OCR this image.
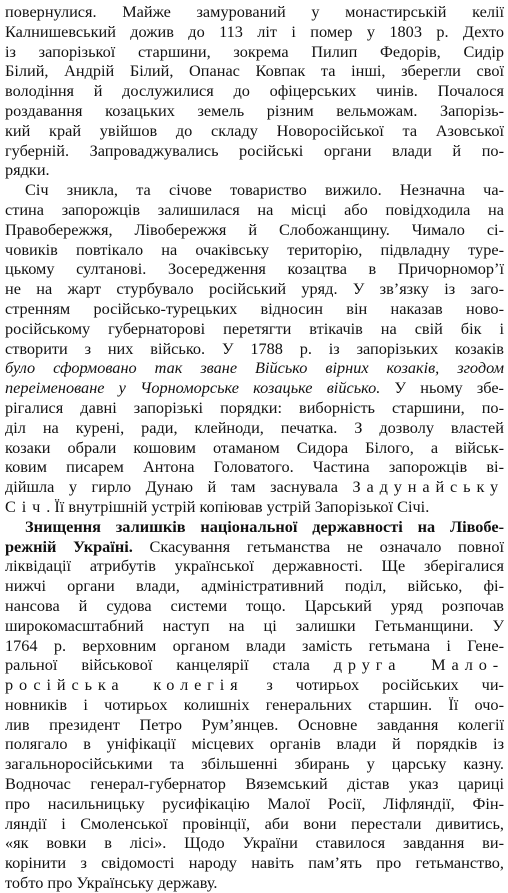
повернулися. Майже замурований у монастирській келії
Калнишевський дожив до 113 літ і помер у 1803 р. Дехто
із запорізької старшини, зокрема Пилип Федорів, Сидір
Білий, Андрій Білий, Опанас Ковпак та інші, зберегли свої
володіння й дослужилися до офіцерських чинів. Почалося
роздавання козацьких земель різним вельможам. Запорізь-
кий край увійшов до складу Новоросійської та Азовської
губерній. Запроваджувались російські органи влади й по-
рядки.
Січ зникла, та січове товариство вижило. Незначна ча-
стина запорожців залишилася на місці або повідходила на
Правобережжя, Лівобережжя й Слобожанщину. Чимало сі-
човиків повтікало на очаківську територію, підвладну туре-
цькому султанові. Зосередження козацтва в Причорномор’ї
не на жарт стурбувало російський уряд. У зв’язку із заго-
стренням російсько-турецьких відносин він наказав ново-
російському губернаторові перетягти втікачів на свій бік і
створити з них військо. У 1788 р. із запорізьких козаків
було сформовано так зване Військо вірних козаків, згодом
переіменоване у Чорноморське козацьке військо. У ньому збе-
рігалися давні запорізькі порядки: виборність старшини, по-
діл на курені, ради, клейноди, печатка. З дозволу властей
козаки обрали кошовим отаманом Сидора Білого, а військ-
ковим писарем Антона Головатого. Частина запорожців ві-
дійшла у гирло Дунаю й там заснувала Задунайську
Січ. Її внутрішній устрій копіював устрій Запорізької Січі.
Знищення залишків національної державності на Лівобе-
режній Україні. Скасування гетьманства не означало повної
ліквідації атрибутів української державності. Ще зберігалися
нижчі органи влади, адміністративний поділ, військо, фі-
нансова й судова системи тощо. Царський уряд розпочав
широкомасштабний наступ на ці залишки Гетьманщини. У
1764 р. верховним органом влади замість гетьмана і Гене-
ральної військової канцелярії стала друга Мало-
російська колегія з чотирьох російських чи-
новників і чотирьох колишніх генеральних старшин. Її очо-
лив президент Петро Рум’янцев. Основне завдання колегії
полягало в уніфікації місцевих органів влади й порядків із
загальноросійськими та збільшенні збирань у царську казну.
Водночас генерал-губернатор Вяземський дістав указ цариці
про насильницьку русифікацію Малої Росії, Ліфляндії, Фін-
ляндії і Смоленської провінції, аби вони перестали дивитись,
«як вовки в лісі». Щодо України ставилося завдання ви-
корінити з свідомості народу навіть пам’ять про гетьманство,
тобто про Українську державу.
